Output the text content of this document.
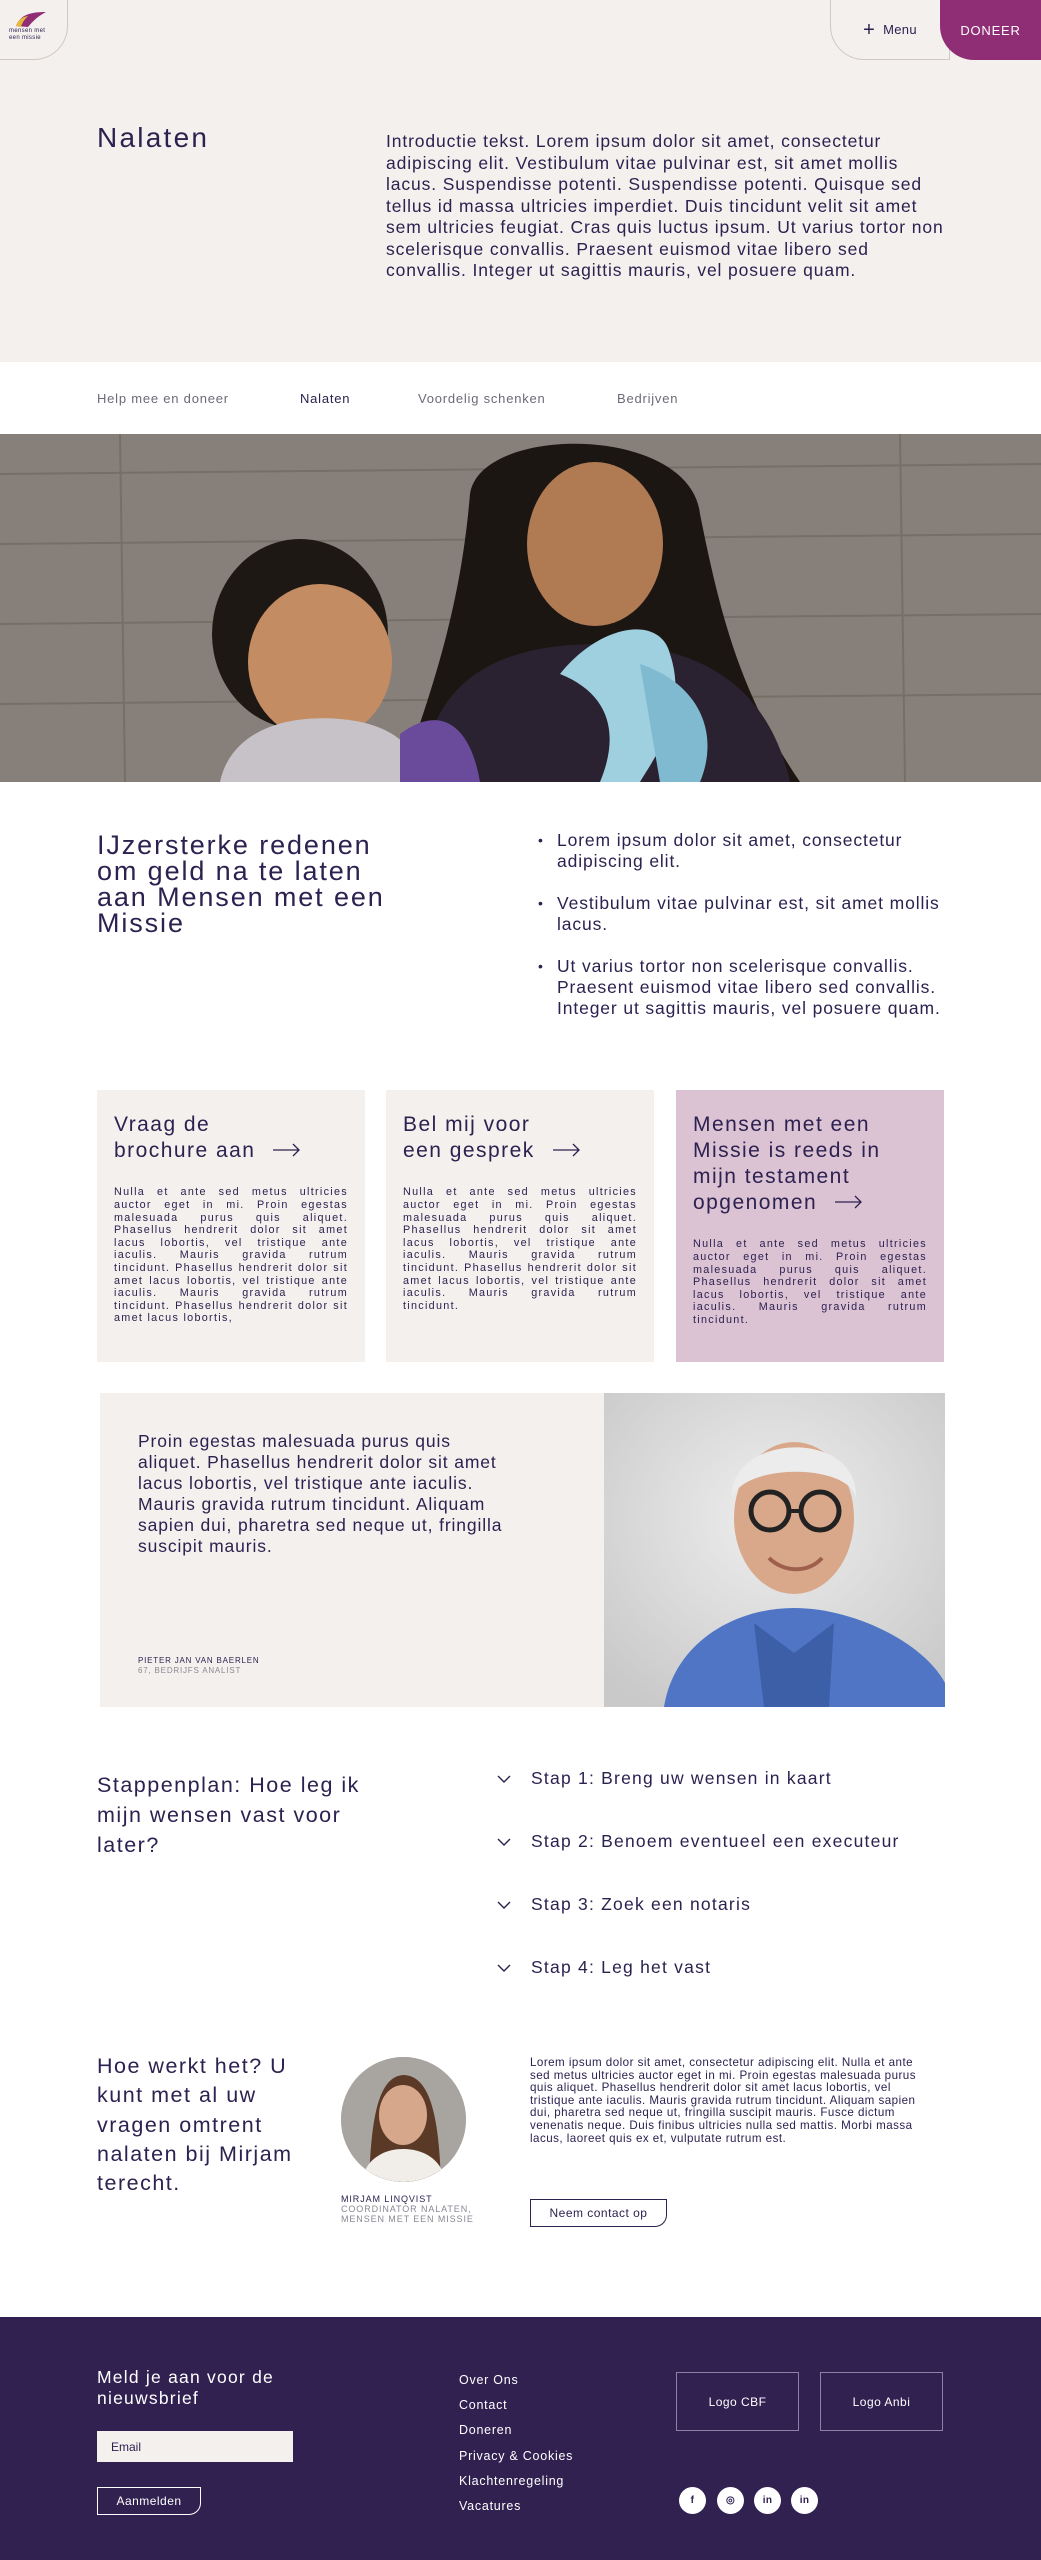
mensen met een missie	+ Menu	DONEER
Nalaten	Introductie tekst. Lorem ipsum dolor sit amet, consectetur adipiscing elit. Vestibulum vitae pulvinar est, sit amet mollis lacus. Suspendisse potenti. Suspendisse potenti. Quisque sed tellus id massa ultricies imperdiet. Duis tincidunt velit sit amet sem ultricies feugiat. Cras quis luctus ipsum. Ut varius tortor non scelerisque convallis. Praesent euismod vitae libero sed convallis. Integer ut sagittis mauris, vel posuere quam.

Help mee en doneer	Nalaten	Voordelig schenken	Bedrijven
IJzersterke redenen om geld na te laten aan Mensen met een Missie
• Lorem ipsum dolor sit amet, consectetur adipiscing elit.
• Vestibulum vitae pulvinar est, sit amet mollis lacus.
• Ut varius tortor non scelerisque convallis. Praesent euismod vitae libero sed convallis. Integer ut sagittis mauris, vel posuere quam.
Vraag de
brochure aan

Nulla et ante sed metus ultricies auctor eget in mi. Proin egestas malesuada purus quis aliquet. Phasellus hendrerit dolor sit amet lacus lobortis, vel tristique ante iaculis. Mauris gravida rutrum tincidunt. Phasellus hendrerit dolor sit amet lacus lobortis, vel tristique ante iaculis. Mauris gravida rutrum tincidunt. Phasellus hendrerit dolor sit amet lacus lobortis,

Bel mij voor
een gesprek

Nulla et ante sed metus ultricies auctor eget in mi. Proin egestas malesuada purus quis aliquet. Phasellus hendrerit dolor sit amet lacus lobortis, vel tristique ante iaculis. Mauris gravida rutrum tincidunt. Phasellus hendrerit dolor sit amet lacus lobortis, vel tristique ante iaculis. Mauris gravida rutrum tincidunt.

Mensen met een Missie is reeds in mijn testament opgenomen

Nulla et ante sed metus ultricies auctor eget in mi. Proin egestas malesuada purus quis aliquet. Phasellus hendrerit dolor sit amet lacus lobortis, vel tristique ante iaculis. Mauris gravida rutrum tincidunt.

Proin egestas malesuada purus quis aliquet. Phasellus hendrerit dolor sit amet lacus lobortis, vel tristique ante iaculis. Mauris gravida rutrum tincidunt. Aliquam sapien dui, pharetra sed neque ut, fringilla suscipit mauris.

PIETER JAN VAN BAERLEN
67, BEDRIJFS ANALIST
Stappenplan: Hoe leg ik mijn wensen vast voor later?
Stap 1: Breng uw wensen in kaart
Stap 2: Benoem eventueel een executeur
Stap 3: Zoek een notaris
Stap 4: Leg het vast
Hoe werkt het? U kunt met al uw vragen omtrent nalaten bij Mirjam terecht.
MIRJAM LINQVIST
COORDINATOR NALATEN, MENSEN MET EEN MISSIE

Lorem ipsum dolor sit amet, consectetur adipiscing elit. Nulla et ante sed metus ultricies auctor eget in mi. Proin egestas malesuada purus quis aliquet. Phasellus hendrerit dolor sit amet lacus lobortis, vel tristique ante iaculis. Mauris gravida rutrum tincidunt. Aliquam sapien dui, pharetra sed neque ut, fringilla suscipit mauris. Fusce dictum venenatis neque. Duis finibus ultricies nulla sed mattis. Morbi massa lacus, laoreet quis ex et, vulputate rutrum est.

Neem contact op
Meld je aan voor de nieuwsbrief
Email
Aanmelden
Over Ons
Contact
Doneren
Privacy & Cookies
Klachtenregeling
Vacatures
Logo CBF	Logo Anbi
f	◎	in	in
